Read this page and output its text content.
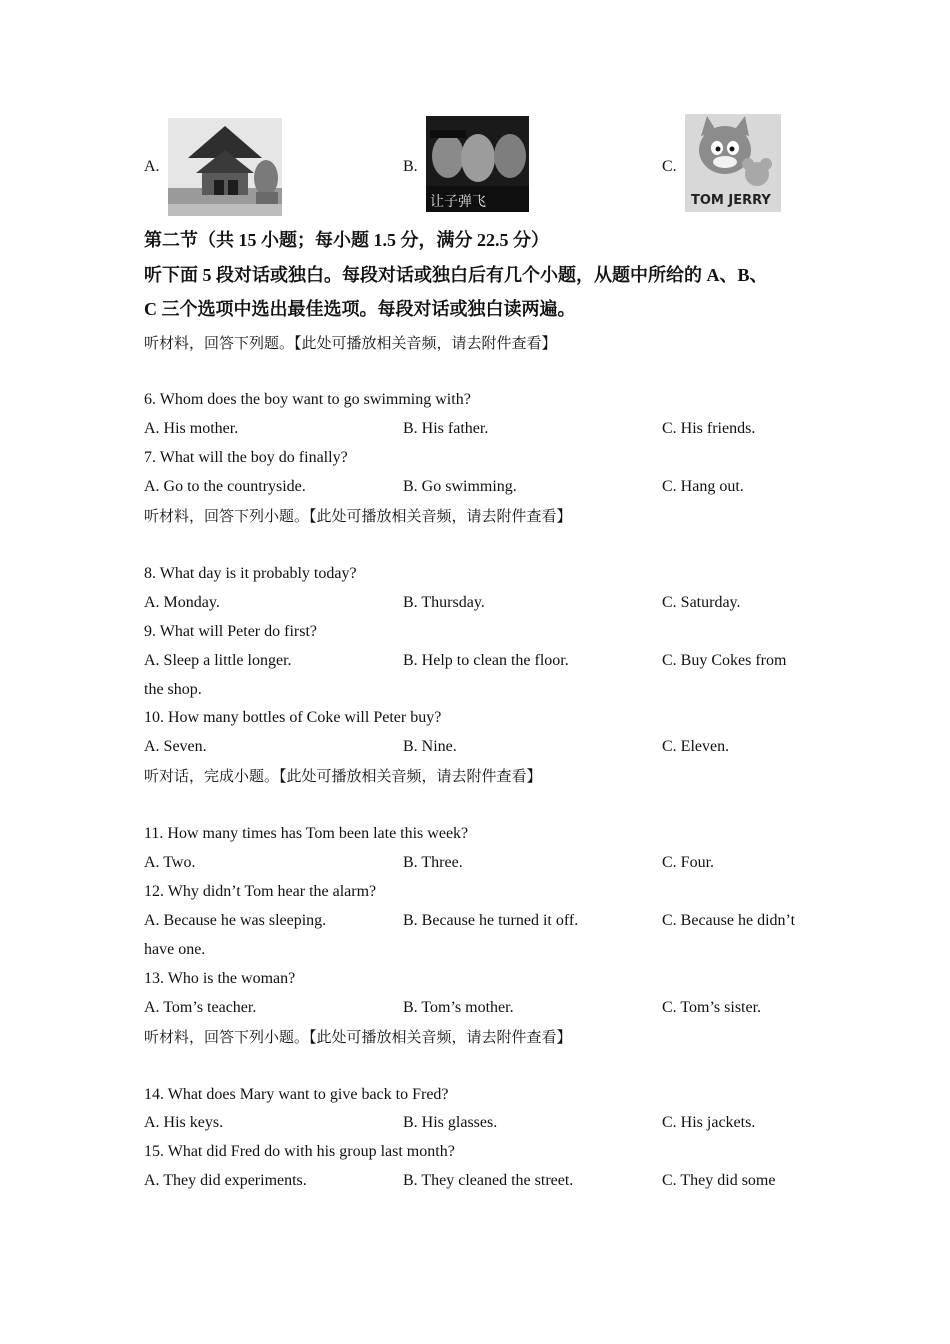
A.	B.
让子弹飞
C.
TOM JERRY
第二节（共 15 小题；每小题 1.5 分，满分 22.5 分）
听下面 5 段对话或独白。每段对话或独白后有几个小题，从题中所给的 A、B、
C 三个选项中选出最佳选项。每段对话或独白读两遍。
听材料，回答下列题。【此处可播放相关音频，请去附件查看】
6. Whom does the boy want to go swimming with?
A. His mother.	B. His father.	C. His friends.
7. What will the boy do finally?
A. Go to the countryside.	B. Go swimming.	C. Hang out.
听材料，回答下列小题。【此处可播放相关音频，请去附件查看】
8. What day is it probably today?
A. Monday.	B. Thursday.	C. Saturday.
9. What will Peter do first?
A. Sleep a little longer.	B. Help to clean the floor.	C. Buy Cokes from
the shop.
10. How many bottles of Coke will Peter buy?
A. Seven.	B. Nine.	C. Eleven.
听对话，完成小题。【此处可播放相关音频，请去附件查看】
11. How many times has Tom been late this week?
A. Two.	B. Three.	C. Four.
12. Why didn’t Tom hear the alarm?
A. Because he was sleeping.	B. Because he turned it off.	C. Because he didn’t
have one.
13. Who is the woman?
A. Tom’s teacher.	B. Tom’s mother.	C. Tom’s sister.
听材料，回答下列小题。【此处可播放相关音频，请去附件查看】
14. What does Mary want to give back to Fred?
A. His keys.	B. His glasses.	C. His jackets.
15. What did Fred do with his group last month?
A. They did experiments.	B. They cleaned the street.	C. They did some
